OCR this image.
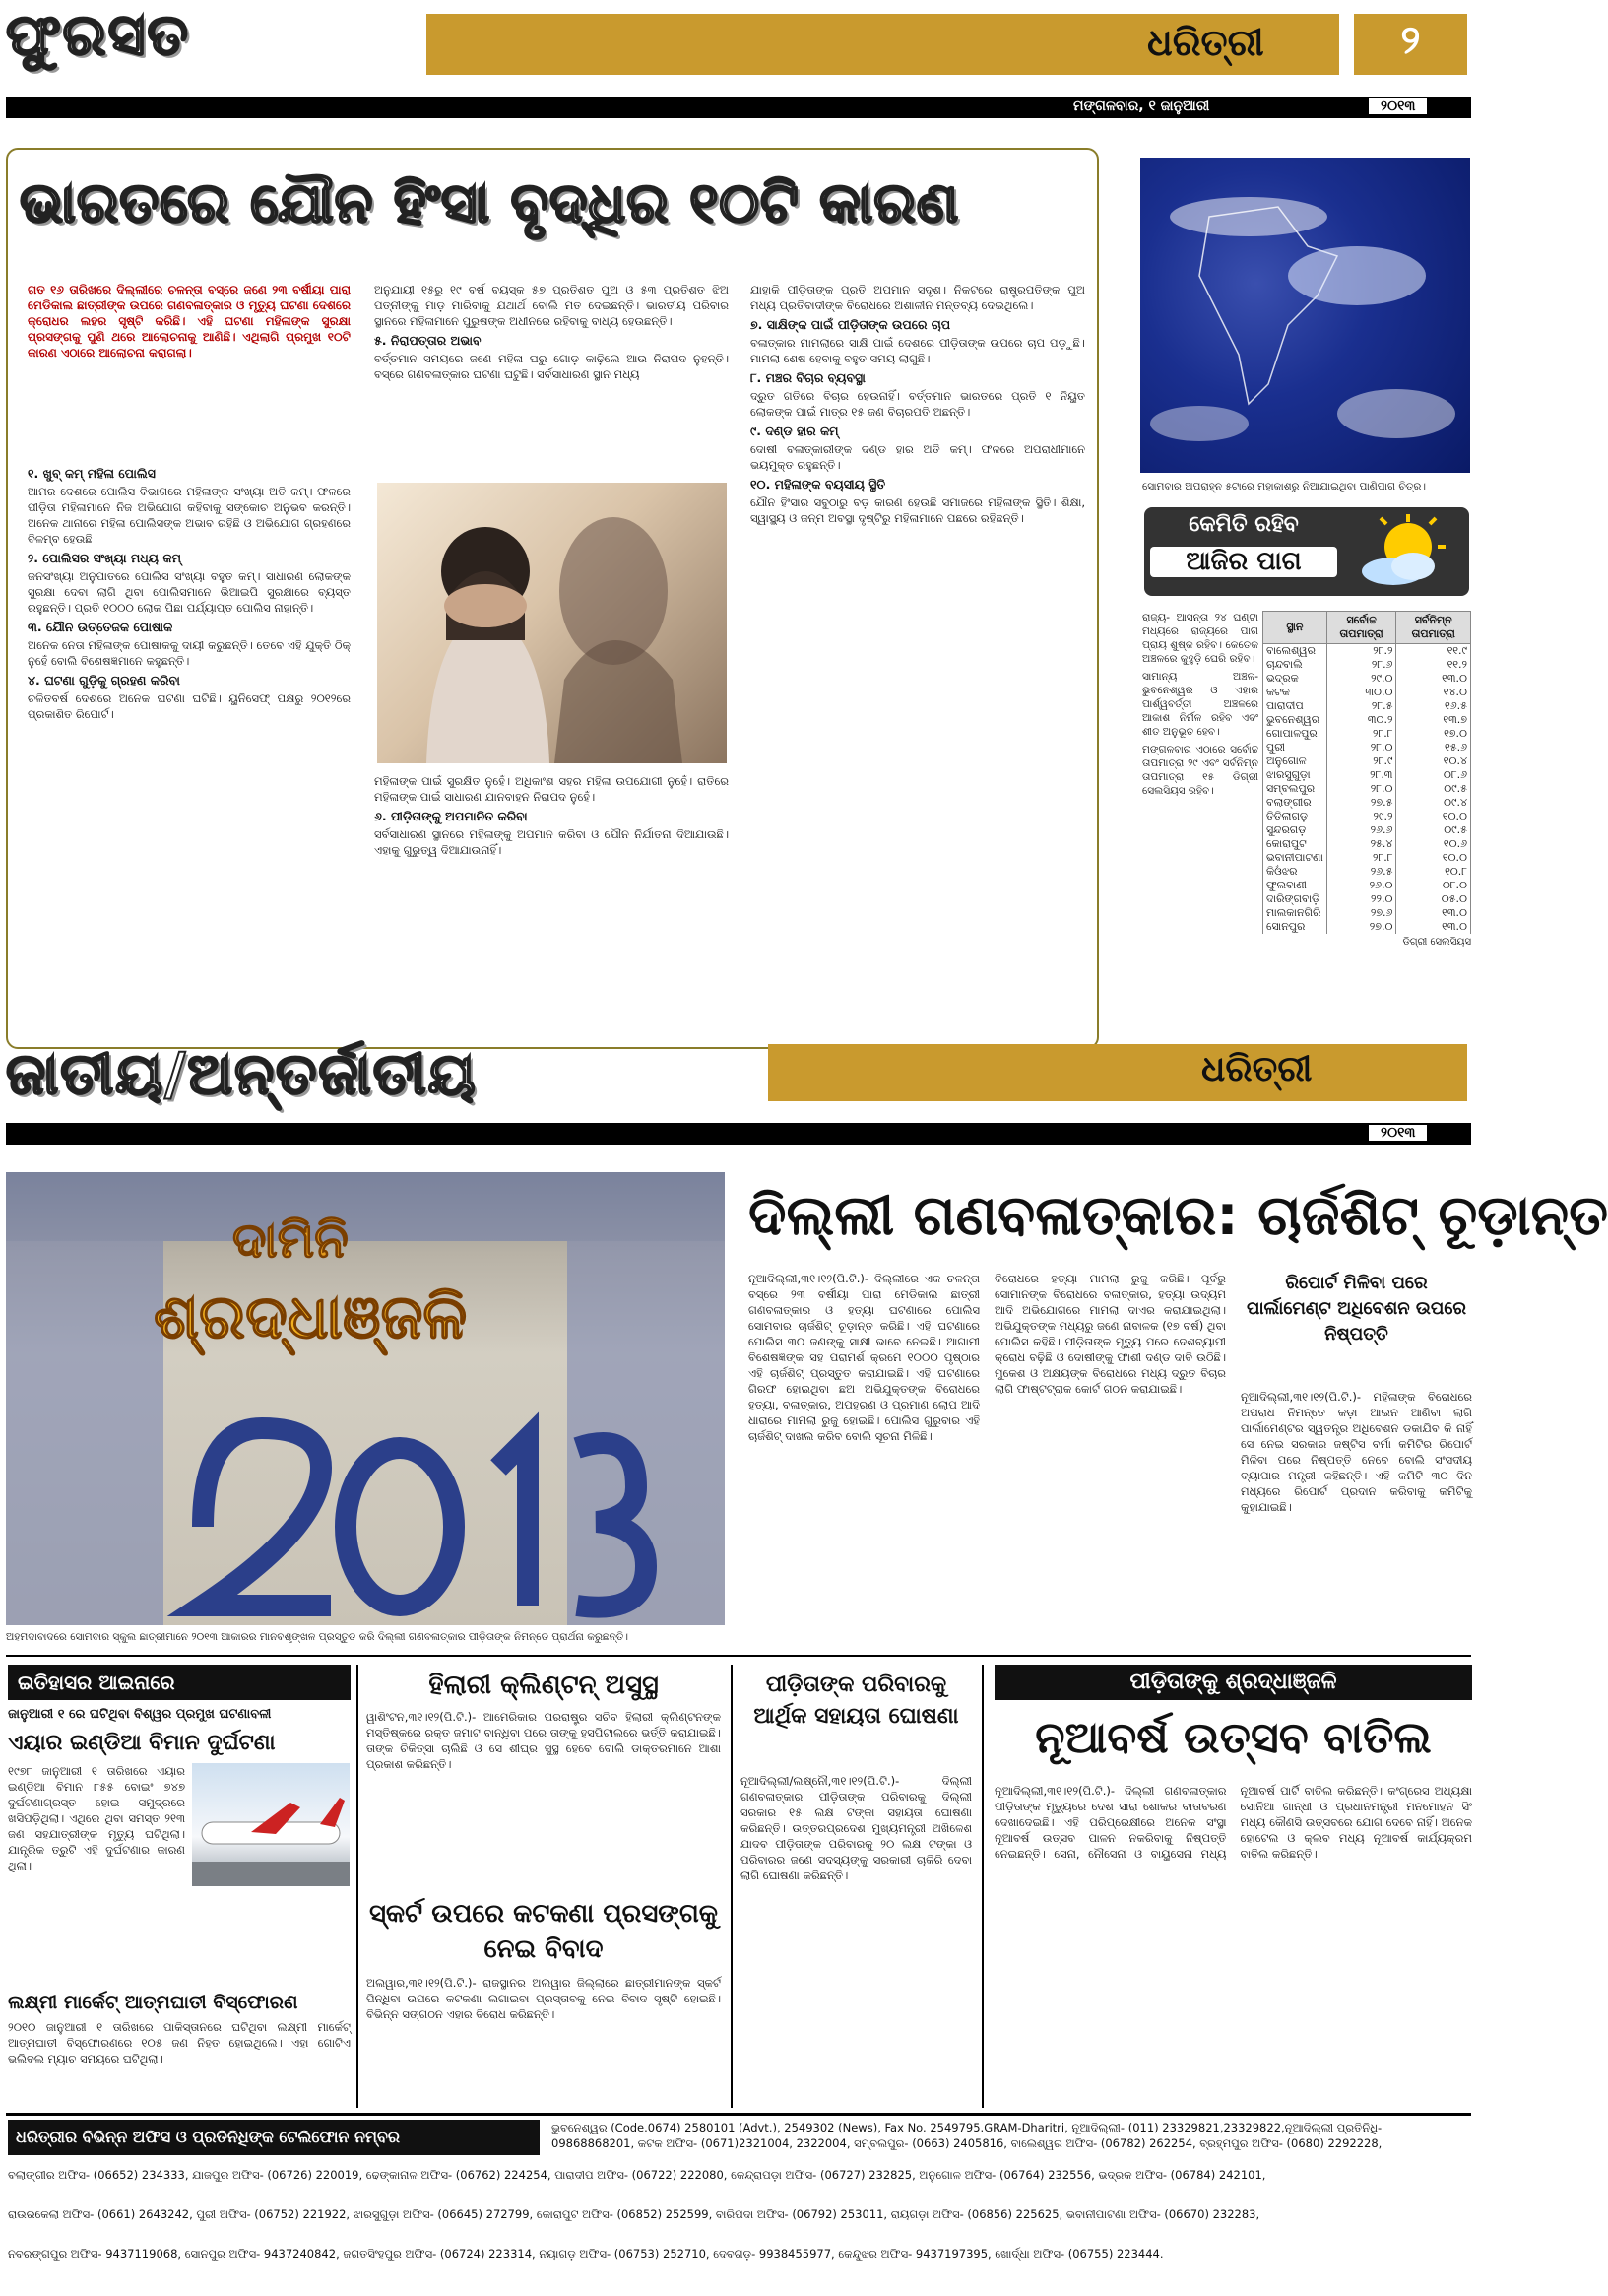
ଫୁରସତ	ଧରିତ୍ରୀ	୨
ମଙ୍ଗଳବାର, ୧ ଜାନୁଆରୀ	୨୦୧୩
ଭାରତରେ ଯୌନ ହିଂସା ବୃଦ୍ଧିର ୧୦ଟି କାରଣ

ଗତ ୧୬ ତାରିଖରେ ଦିଲ୍ଲୀରେ ଚଳନ୍ତା ବସ୍‌ରେ ଜଣେ ୨୩ ବର୍ଷୀୟା ପାରା ମେଡିକାଲ ଛାତ୍ରୀଙ୍କ ଉପରେ ଗଣବଳାତ୍କାର ଓ ମୃତ୍ୟୁ ଘଟଣା ଦେଶରେ କ୍ରୋଧର ଲହର ସୃଷ୍ଟି କରିଛି। ଏହି ଘଟଣା ମହିଳାଙ୍କ ସୁରକ୍ଷା ପ୍ରସଙ୍ଗକୁ ପୁଣି ଥରେ ଆଲୋଚନାକୁ ଆଣିଛି। ଏଥିଲାଗି ପ୍ରମୁଖ ୧୦ଟି କାରଣ ଏଠାରେ ଆଲୋଚନା କରାଗଲା।

୧. ଖୁବ୍ କମ୍ ମହିଳା ପୋଲିସ

ଆମର ଦେଶରେ ପୋଲିସ ବିଭାଗରେ ମହିଳାଙ୍କ ସଂଖ୍ୟା ଅତି କମ୍। ଫଳରେ ପୀଡ଼ିତା ମହିଳାମାନେ ନିଜ ଅଭିଯୋଗ କହିବାକୁ ସଙ୍କୋଚ ଅନୁଭବ କରନ୍ତି। ଅନେକ ଥାନାରେ ମହିଳା ପୋଲିସଙ୍କ ଅଭାବ ରହିଛି ଓ ଅଭିଯୋଗ ଗ୍ରହଣରେ ବିଳମ୍ବ ହେଉଛି।

୨. ପୋଲିସର ସଂଖ୍ୟା ମଧ୍ୟ କମ୍

ଜନସଂଖ୍ୟା ଅନୁପାତରେ ପୋଲିସ ସଂଖ୍ୟା ବହୁତ କମ୍। ସାଧାରଣ ଲୋକଙ୍କ ସୁରକ୍ଷା ଦେବା ଲାଗି ଥିବା ପୋଲିସମାନେ ଭିଆଇପି ସୁରକ୍ଷାରେ ବ୍ୟସ୍ତ ରହୁଛନ୍ତି। ପ୍ରତି ୧୦୦୦ ଲୋକ ପିଛା ପର୍ଯ୍ୟାପ୍ତ ପୋଲିସ ନାହାନ୍ତି।

୩. ଯୌନ ଉତ୍ତେଜକ ପୋଷାକ

ଅନେକ ନେତା ମହିଳାଙ୍କ ପୋଷାକକୁ ଦାୟୀ କରୁଛନ୍ତି। ତେବେ ଏହି ଯୁକ୍ତି ଠିକ୍ ନୁହେଁ ବୋଲି ବିଶେଷଜ୍ଞମାନେ କହୁଛନ୍ତି।

୪. ଘଟଣା ଗୁଡ଼ିକୁ ଗ୍ରହଣ କରିବା

ଚଳିତବର୍ଷ ଦେଶରେ ଅନେକ ଘଟଣା ଘଟିଛି। ୟୁନିସେଫ୍ ପକ୍ଷରୁ ୨୦୧୨ରେ ପ୍ରକାଶିତ ରିପୋର୍ଟ।

ଅନୁଯାୟୀ ୧୫ରୁ ୧୯ ବର୍ଷ ବୟସ୍କ ୫୭ ପ୍ରତିଶତ ପୁଅ ଓ ୫୩ ପ୍ରତିଶତ ଝିଅ ପତ୍ନୀଙ୍କୁ ମାଡ଼ ମାରିବାକୁ ଯଥାର୍ଥ ବୋଲି ମତ ଦେଇଛନ୍ତି। ଭାରତୀୟ ପରିବାର ସ୍ଥାନରେ ମହିଳାମାନେ ପୁରୁଷଙ୍କ ଅଧୀନରେ ରହିବାକୁ ବାଧ୍ୟ ହେଉଛନ୍ତି।

୫. ନିରାପତ୍ତାର ଅଭାବ

ବର୍ତ୍ତମାନ ସମୟରେ ଜଣେ ମହିଳା ଘରୁ ଗୋଡ଼ କାଢ଼ିଲେ ଆଉ ନିରାପଦ ନୁହନ୍ତି। ବସ୍‌ରେ ଗଣବଳାତ୍କାର ଘଟଣା ଘଟୁଛି। ସର୍ବସାଧାରଣ ସ୍ଥାନ ମଧ୍ୟ

ମହିଳାଙ୍କ ପାଇଁ ସୁରକ୍ଷିତ ନୁହେଁ। ଅଧିକାଂଶ ସହର ମହିଳା ଉପଯୋଗୀ ନୁହେଁ। ରାତିରେ ମହିଳାଙ୍କ ପାଇଁ ସାଧାରଣ ଯାନବାହନ ନିରାପଦ ନୁହେଁ।

୬. ପୀଡ଼ିତାଙ୍କୁ ଅପମାନିତ କରିବା

ସର୍ବସାଧାରଣ ସ୍ଥାନରେ ମହିଳାଙ୍କୁ ଅପମାନ କରିବା ଓ ଯୌନ ନିର୍ଯାତନା ଦିଆଯାଉଛି। ଏହାକୁ ଗୁରୁତ୍ୱ ଦିଆଯାଉନାହିଁ।

ଯାହାକି ପୀଡ଼ିତାଙ୍କ ପ୍ରତି ଅପମାନ ସଦୃଶ। ନିକଟରେ ରାଷ୍ଟ୍ରପତିଙ୍କ ପୁଅ ମଧ୍ୟ ପ୍ରତିବାଦୀଙ୍କ ବିରୋଧରେ ଅଶାଳୀନ ମନ୍ତବ୍ୟ ଦେଇଥିଲେ।

୭. ସାକ୍ଷିଙ୍କ ପାଇଁ ପୀଡ଼ିତାଙ୍କ ଉପରେ ଚାପ

ବଳାତ୍କାର ମାମଲାରେ ସାକ୍ଷି ପାଇଁ ଦେଶରେ ପୀଡ଼ିତାଙ୍କ ଉପରେ ଚାପ ପଡ଼ୁଛି। ମାମଲା ଶେଷ ହେବାକୁ ବହୁତ ସମୟ ଲାଗୁଛି।

୮. ମଞ୍ଚର ବିଚାର ବ୍ୟବସ୍ଥା

ଦ୍ରୁତ ଗତିରେ ବିଚାର ହେଉନାହିଁ। ବର୍ତ୍ତମାନ ଭାରତରେ ପ୍ରତି ୧ ନିୟୁତ ଲୋକଙ୍କ ପାଇଁ ମାତ୍ର ୧୫ ଜଣ ବିଚାରପତି ଅଛନ୍ତି।

୯. ଦଣ୍ଡ ହାର କମ୍

ଦୋଷୀ ବଳାତ୍କାରୀଙ୍କ ଦଣ୍ଡ ହାର ଅତି କମ୍। ଫଳରେ ଅପରାଧୀମାନେ ଭୟମୁକ୍ତ ରହୁଛନ୍ତି।

୧୦. ମହିଳାଙ୍କ ବୟସୀୟ ସ୍ଥିତି

ଯୌନ ହିଂସାର ସବୁଠାରୁ ବଡ଼ କାରଣ ହେଉଛି ସମାଜରେ ମହିଳାଙ୍କ ସ୍ଥିତି। ଶିକ୍ଷା, ସ୍ୱାସ୍ଥ୍ୟ ଓ ଜନ୍ମ ଅବସ୍ଥା ଦୃଷ୍ଟିରୁ ମହିଳାମାନେ ପଛରେ ରହିଛନ୍ତି।

ସୋମବାର ଅପରାହ୍ନ ୫ଟାରେ ମହାକାଶରୁ ନିଆଯାଇଥିବା ପାଣିପାଗ ଚିତ୍ର।
କେମିତି ରହିବ
ଆଜିର ପାଗ

ରାଜ୍ୟ- ଆସନ୍ତା ୨୪ ଘଣ୍ଟା ମଧ୍ୟରେ ରାଜ୍ୟରେ ପାଗ ପ୍ରାୟ ଶୁଷ୍କ ରହିବ। କେତେକ ଅଞ୍ଚଳରେ କୁହୁଡ଼ି ଘେରି ରହିବ।

ସାମାନ୍ୟ ଅଞ୍ଚଳ- ଭୁବନେଶ୍ୱର ଓ ଏହାର ପାର୍ଶ୍ୱବର୍ତ୍ତୀ ଅଞ୍ଚଳରେ ଆକାଶ ନିର୍ମଳ ରହିବ ଏବଂ ଶୀତ ଅନୁଭୂତ ହେବ।

ମଙ୍ଗଳବାର ଏଠାରେ ସର୍ବୋଚ୍ଚ ତାପମାତ୍ରା ୨୯ ଏବଂ ସର୍ବନିମ୍ନ ତାପମାତ୍ରା ୧୫ ଡିଗ୍ରୀ ସେଲସିୟସ ରହିବ।

ସ୍ଥାନ	ସର୍ବୋଚ୍ଚ ତାପମାତ୍ରା	ସର୍ବନିମ୍ନ ତାପମାତ୍ରା
ବାଲେଶ୍ୱର	୨୮.୨	୧୧.୯
ଚାନ୍ଦବାଲି	୨୮.୬	୧୧.୨
ଭଦ୍ରକ	୨୯.୦	୧୩.୦
କଟକ	୩୦.୦	୧୪.୦
ପାରାଦୀପ	୨୮.୫	୧୬.୫
ଭୁବନେଶ୍ୱର	୩୦.୨	୧୩.୭
ଗୋପାଳପୁର	୨୮.୮	୧୭.୦
ପୁରୀ	୨୮.୦	୧୫.୬
ଅନୁଗୋଳ	୨୮.୯	୧୦.୪
ଝାରସୁଗୁଡ଼ା	୨୮.୩	୦୮.୬
ସମ୍ବଲପୁର	୨୮.୦	୦୯.୫
ବଲାଙ୍ଗୀର	୨୭.୫	୦୯.୪
ତିତିଲାଗଡ଼	୨୯.୨	୧୦.୦
ସୁନ୍ଦରଗଡ଼	୨୬.୬	୦୯.୫
କୋରାପୁଟ	୨୫.୪	୧୦.୬
ଭବାନୀପାଟଣା	୨୮.୮	୧୦.୦
କିଓଁଝର	୨୬.୫	୧୦.୮
ଫୁଲବାଣୀ	୨୬.୦	୦୮.୦
ଦାରିଙ୍ଗବାଡ଼ି	୨୨.୦	୦୫.୦
ମାଲକାନଗିରି	୨୭.୬	୧୩.୦
ସୋନପୁର	୨୭.୦	୧୩.୦
ଡିଗ୍ରୀ ସେଲସିୟସ
ଜାତୀୟ/ଅନ୍ତର୍ଜାତୀୟ	ଧରିତ୍ରୀ
୨୦୧୩
ଦାମିନି
ଶ୍ରଦ୍ଧାଞ୍ଜଳି
ଅହମଦାବାଦରେ ସୋମବାର ସ୍କୁଲ ଛାତ୍ରୀମାନେ ୨୦୧୩ ଆକାରର ମାନବଶୃଙ୍ଖଳ ପ୍ରସ୍ତୁତ କରି ଦିଲ୍ଲୀ ଗଣବଳାତ୍କାର ପୀଡ଼ିତାଙ୍କ ନିମନ୍ତେ ପ୍ରାର୍ଥନା କରୁଛନ୍ତି।
ଦିଲ୍ଲୀ ଗଣବଳାତ୍କାର: ଚାର୍ଜଶିଟ୍ ଚୂଡ଼ାନ୍ତ

ନୂଆଦିଲ୍ଲୀ,୩୧।୧୨(ପି.ଟି.)- ଦିଲ୍ଲୀରେ ଏକ ଚଳନ୍ତା ବସ୍‌ରେ ୨୩ ବର୍ଷୀୟା ପାରା ମେଡିକାଲ ଛାତ୍ରୀ ଗଣବଳାତ୍କାର ଓ ହତ୍ୟା ଘଟଣାରେ ପୋଲିସ ସୋମବାର ଚାର୍ଜଶିଟ୍ ଚୂଡ଼ାନ୍ତ କରିଛି। ଏହି ଘଟଣାରେ ପୋଲିସ ୩୦ ଜଣଙ୍କୁ ସାକ୍ଷୀ ଭାବେ ନେଇଛି। ଆଗାମୀ ବିଶେଷଜ୍ଞଙ୍କ ସହ ପରାମର୍ଶ କ୍ରମେ ୧୦୦୦ ପୃଷ୍ଠାର ଏହି ଚାର୍ଜଶିଟ୍ ପ୍ରସ୍ତୁତ କରାଯାଇଛି। ଏହି ଘଟଣାରେ ଗିରଫ ହୋଇଥିବା ଛଅ ଅଭିଯୁକ୍ତଙ୍କ ବିରୋଧରେ ହତ୍ୟା, ବଳାତ୍କାର, ଅପହରଣ ଓ ପ୍ରମାଣ ଲୋପ ଆଦି ଧାରାରେ ମାମଲା ରୁଜୁ ହୋଇଛି। ପୋଲିସ ଗୁରୁବାର ଏହି ଚାର୍ଜଶିଟ୍ ଦାଖଲ କରିବ ବୋଲି ସୂଚନା ମିଳିଛି।

ବିରୋଧରେ ହତ୍ୟା ମାମଲା ରୁଜୁ କରିଛି। ପୂର୍ବରୁ ସୋମାନଙ୍କ ବିରୋଧରେ ବଳାତ୍କାର, ହତ୍ୟା ଉଦ୍ୟମ ଆଦି ଅଭିଯୋଗରେ ମାମଲା ଦାଏର କରାଯାଇଥିଲା। ଅଭିଯୁକ୍ତଙ୍କ ମଧ୍ୟରୁ ଜଣେ ନାବାଳକ (୧୭ ବର୍ଷ) ଥିବା ପୋଲିସ କହିଛି। ପୀଡ଼ିତାଙ୍କ ମୃତ୍ୟୁ ପରେ ଦେଶବ୍ୟାପୀ କ୍ରୋଧ ବଢ଼ିଛି ଓ ଦୋଷୀଙ୍କୁ ଫାଶୀ ଦଣ୍ଡ ଦାବି ଉଠିଛି। ମୁକେଶ ଓ ଅକ୍ଷୟଙ୍କ ବିରୋଧରେ ମଧ୍ୟ ଦ୍ରୁତ ବିଚାର ଲାଗି ଫାଷ୍ଟଟ୍ରାକ କୋର୍ଟ ଗଠନ କରାଯାଇଛି।

ରିପୋର୍ଟ ମିଳିବା ପରେ ପାର୍ଲାମେଣ୍ଟ ଅଧିବେଶନ ଉପରେ ନିଷ୍ପତ୍ତି

ନୂଆଦିଲ୍ଲୀ,୩୧।୧୨(ପି.ଟି.)- ମହିଳାଙ୍କ ବିରୋଧରେ ଅପରାଧ ନିମନ୍ତେ କଡ଼ା ଆଇନ ଆଣିବା ଲାଗି ପାର୍ଲାମେଣ୍ଟର ସ୍ୱତନ୍ତ୍ର ଅଧିବେଶନ ଡକାଯିବ କି ନାହିଁ ସେ ନେଇ ସରକାର ଜଷ୍ଟିସ ବର୍ମା କମିଟିର ରିପୋର୍ଟ ମିଳିବା ପରେ ନିଷ୍ପତ୍ତି ନେବେ ବୋଲି ସଂସଦୀୟ ବ୍ୟାପାର ମନ୍ତ୍ରୀ କହିଛନ୍ତି। ଏହି କମିଟି ୩୦ ଦିନ ମଧ୍ୟରେ ରିପୋର୍ଟ ପ୍ରଦାନ କରିବାକୁ କମିଟିକୁ କୁହାଯାଇଛି।

ଇତିହାସର ଆଇନାରେ
ଜାନୁଆରୀ ୧ ରେ ଘଟିଥିବା ବିଶ୍ୱର ପ୍ରମୁଖ ଘଟଣାବଳୀ
ଏୟାର ଇଣ୍ଡିଆ ବିମାନ ଦୁର୍ଘଟଣା

୧୯୭୮ ଜାନୁଆରୀ ୧ ତାରିଖରେ ଏୟାର ଇଣ୍ଡିଆ ବିମାନ ୮୫୫ ବୋଇଂ ୭୪୭ ଦୁର୍ଘଟଣାଗ୍ରସ୍ତ ହୋଇ ସମୁଦ୍ରରେ ଖସିପଡ଼ିଥିଲା। ଏଥିରେ ଥିବା ସମସ୍ତ ୨୧୩ ଜଣ ସହଯାତ୍ରୀଙ୍କ ମୃତ୍ୟୁ ଘଟିଥିଲା। ଯାନ୍ତ୍ରିକ ତ୍ରୁଟି ଏହି ଦୁର୍ଘଟଣାର କାରଣ ଥିଲା।

ଲକ୍ଷ୍ମୀ ମାର୍କେଟ୍ ଆତ୍ମଘାତୀ ବିସ୍ଫୋରଣ

୨୦୧୦ ଜାନୁଆରୀ ୧ ତାରିଖରେ ପାକିସ୍ତାନରେ ଘଟିଥିବା ଲକ୍ଷ୍ମୀ ମାର୍କେଟ୍ ଆତ୍ମଘାତୀ ବିସ୍ଫୋରଣରେ ୧୦୫ ଜଣ ନିହତ ହୋଇଥିଲେ। ଏହା ଗୋଟିଏ ଭଲିବଲ ମ୍ୟାଚ ସମୟରେ ଘଟିଥିଲା।

ହିଲାରୀ କ୍ଲିଣ୍ଟନ୍ ଅସୁସ୍ଥ

ୱାଶିଂଟନ,୩୧।୧୨(ପି.ଟି.)- ଆମେରିକାର ପରରାଷ୍ଟ୍ର ସଚିବ ହିଲାରୀ କ୍ଲିଣ୍ଟନଙ୍କ ମସ୍ତିଷ୍କରେ ରକ୍ତ ଜମାଟ ବାନ୍ଧିବା ପରେ ତାଙ୍କୁ ହସପିଟାଲରେ ଭର୍ତ୍ତି କରାଯାଇଛି। ତାଙ୍କ ଚିକିତ୍ସା ଚାଲିଛି ଓ ସେ ଶୀଘ୍ର ସୁସ୍ଥ ହେବେ ବୋଲି ଡାକ୍ତରମାନେ ଆଶା ପ୍ରକାଶ କରିଛନ୍ତି।

ସ୍କର୍ଟ ଉପରେ କଟକଣା ପ୍ରସଙ୍ଗକୁ ନେଇ ବିବାଦ

ଅଲୱାର,୩୧।୧୨(ପି.ଟି.)- ରାଜସ୍ଥାନର ଅଲୱାର ଜିଲ୍ଲାରେ ଛାତ୍ରୀମାନଙ୍କ ସ୍କର୍ଟ ପିନ୍ଧିବା ଉପରେ କଟକଣା ଲଗାଇବା ପ୍ରସ୍ତାବକୁ ନେଇ ବିବାଦ ସୃଷ୍ଟି ହୋଇଛି। ବିଭିନ୍ନ ସଙ୍ଗଠନ ଏହାର ବିରୋଧ କରିଛନ୍ତି।

ପୀଡ଼ିତାଙ୍କ ପରିବାରକୁ ଆର୍ଥିକ ସହାୟତା ଘୋଷଣା

ନୂଆଦିଲ୍ଲୀ/ଲକ୍ଷ୍ନୌ,୩୧।୧୨(ପି.ଟି.)- ଦିଲ୍ଲୀ ଗଣବଳାତ୍କାର ପୀଡ଼ିତାଙ୍କ ପରିବାରକୁ ଦିଲ୍ଲୀ ସରକାର ୧୫ ଲକ୍ଷ ଟଙ୍କା ସହାୟତା ଘୋଷଣା କରିଛନ୍ତି। ଉତ୍ତରପ୍ରଦେଶ ମୁଖ୍ୟମନ୍ତ୍ରୀ ଅଖିଳେଶ ଯାଦବ ପୀଡ଼ିତାଙ୍କ ପରିବାରକୁ ୨୦ ଲକ୍ଷ ଟଙ୍କା ଓ ପରିବାରର ଜଣେ ସଦସ୍ୟଙ୍କୁ ସରକାରୀ ଚାକିରି ଦେବା ଲାଗି ଘୋଷଣା କରିଛନ୍ତି।

ପୀଡ଼ିତାଙ୍କୁ ଶ୍ରଦ୍ଧାଞ୍ଜଳି
ନୂଆବର୍ଷ ଉତ୍ସବ ବାତିଲ

ନୂଆଦିଲ୍ଲୀ,୩୧।୧୨(ପି.ଟି.)- ଦିଲ୍ଲୀ ଗଣବଳାତ୍କାର ପୀଡ଼ିତାଙ୍କ ମୃତ୍ୟୁରେ ଦେଶ ସାରା ଶୋକର ବାତାବରଣ ଦେଖାଦେଇଛି। ଏହି ପରିପ୍ରେକ୍ଷୀରେ ଅନେକ ସଂସ୍ଥା ନୂଆବର୍ଷ ଉତ୍ସବ ପାଳନ ନକରିବାକୁ ନିଷ୍ପତ୍ତି ନେଇଛନ୍ତି। ସେନା, ନୌସେନା ଓ ବାୟୁସେନା ମଧ୍ୟ ନୂଆବର୍ଷ ପାର୍ଟି ବାତିଲ କରିଛନ୍ତି। କଂଗ୍ରେସ ଅଧ୍ୟକ୍ଷା ସୋନିଆ ଗାନ୍ଧୀ ଓ ପ୍ରଧାନମନ୍ତ୍ରୀ ମନମୋହନ ସିଂ ମଧ୍ୟ କୌଣସି ଉତ୍ସବରେ ଯୋଗ ଦେବେ ନାହିଁ। ଅନେକ ହୋଟେଲ ଓ କ୍ଲବ ମଧ୍ୟ ନୂଆବର୍ଷ କାର୍ଯ୍ୟକ୍ରମ ବାତିଲ କରିଛନ୍ତି।

ଧରିତ୍ରୀର ବିଭିନ୍ନ ଅଫିସ ଓ ପ୍ରତିନିଧିଙ୍କ ଟେଲିଫୋନ ନମ୍ବର	ଭୁବନେଶ୍ୱର (Code.0674) 2580101 (Advt.), 2549302 (News), Fax No. 2549795.GRAM-Dharitri, ନୂଆଦିଲ୍ଲୀ- (011) 23329821,23329822,ନୂଆଦିଲ୍ଲୀ ପ୍ରତିନିଧି- 09868868201, କଟକ ଅଫିସ- (0671)2321004, 2322004, ସମ୍ବଲପୁର- (0663) 2405816, ବାଲେଶ୍ୱର ଅଫିସ- (06782) 262254, ବ୍ରହ୍ମପୁର ଅଫିସ- (0680) 2292228,
ବଲାଙ୍ଗୀର ଅଫିସ- (06652) 234333, ଯାଜପୁର ଅଫିସ- (06726) 220019, ଢେଙ୍କାନାଳ ଅଫିସ- (06762) 224254, ପାରାଦୀପ ଅଫିସ- (06722) 222080, କେନ୍ଦ୍ରାପଡ଼ା ଅଫିସ- (06727) 232825, ଅନୁଗୋଳ ଅଫିସ- (06764) 232556, ଭଦ୍ରକ ଅଫିସ- (06784) 242101,
ରାଉରକେଲା ଅଫିସ- (0661) 2643242, ପୁରୀ ଅଫିସ- (06752) 221922, ଝାରସୁଗୁଡ଼ା ଅଫିସ- (06645) 272799, କୋରାପୁଟ ଅଫିସ- (06852) 252599, ବାରିପଦା ଅଫିସ- (06792) 253011, ରାୟଗଡ଼ା ଅଫିସ- (06856) 225625, ଭବାନୀପାଟଣା ଅଫିସ- (06670) 232283,
ନବରଙ୍ଗପୁର ଅଫିସ- 9437119068, ସୋନପୁର ଅଫିସ- 9437240842, ଜଗତସିଂହପୁର ଅଫିସ- (06724) 223314, ନୟାଗଡ଼ ଅଫିସ- (06753) 252710, ଦେବଗଡ଼- 9938455977, କେନ୍ଦୁଝର ଅଫିସ- 9437197395, ଖୋର୍ଦ୍ଧା ଅଫିସ- (06755) 223444.
